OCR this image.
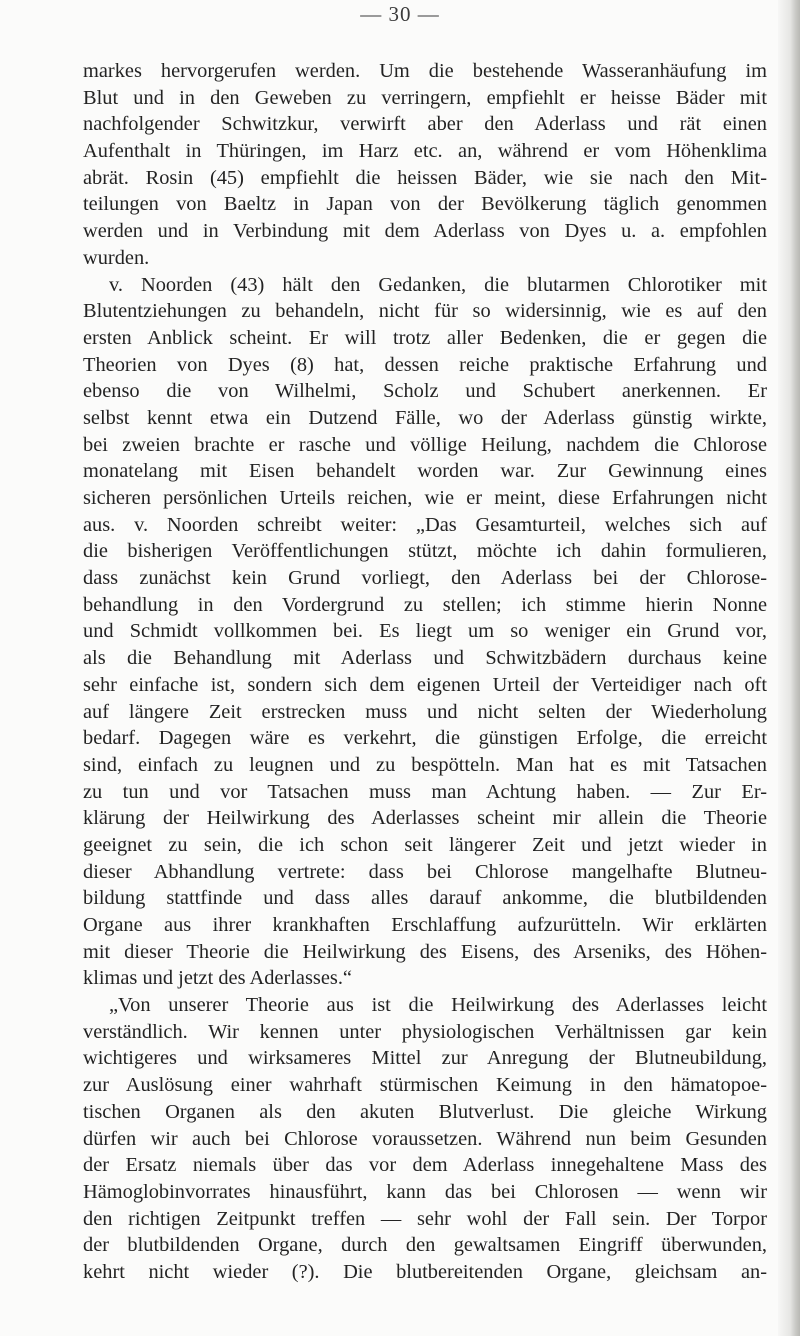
— 30 —
markes hervorgerufen werden. Um die bestehende Wasseranhäufung im
Blut und in den Geweben zu verringern, empfiehlt er heisse Bäder mit
nachfolgender Schwitzkur, verwirft aber den Aderlass und rät einen
Aufenthalt in Thüringen, im Harz etc. an, während er vom Höhenklima
abrät. Rosin (45) empfiehlt die heissen Bäder, wie sie nach den Mit-
teilungen von Baeltz in Japan von der Bevölkerung täglich genommen
werden und in Verbindung mit dem Aderlass von Dyes u. a. empfohlen
wurden.
v. Noorden (43) hält den Gedanken, die blutarmen Chlorotiker mit
Blutentziehungen zu behandeln, nicht für so widersinnig, wie es auf den
ersten Anblick scheint. Er will trotz aller Bedenken, die er gegen die
Theorien von Dyes (8) hat, dessen reiche praktische Erfahrung und
ebenso die von Wilhelmi, Scholz und Schubert anerkennen. Er
selbst kennt etwa ein Dutzend Fälle, wo der Aderlass günstig wirkte,
bei zweien brachte er rasche und völlige Heilung, nachdem die Chlorose
monatelang mit Eisen behandelt worden war. Zur Gewinnung eines
sicheren persönlichen Urteils reichen, wie er meint, diese Erfahrungen nicht
aus. v. Noorden schreibt weiter: „Das Gesamturteil, welches sich auf
die bisherigen Veröffentlichungen stützt, möchte ich dahin formulieren,
dass zunächst kein Grund vorliegt, den Aderlass bei der Chlorose-
behandlung in den Vordergrund zu stellen; ich stimme hierin Nonne
und Schmidt vollkommen bei. Es liegt um so weniger ein Grund vor,
als die Behandlung mit Aderlass und Schwitzbädern durchaus keine
sehr einfache ist, sondern sich dem eigenen Urteil der Verteidiger nach oft
auf längere Zeit erstrecken muss und nicht selten der Wiederholung
bedarf. Dagegen wäre es verkehrt, die günstigen Erfolge, die erreicht
sind, einfach zu leugnen und zu bespötteln. Man hat es mit Tatsachen
zu tun und vor Tatsachen muss man Achtung haben. — Zur Er-
klärung der Heilwirkung des Aderlasses scheint mir allein die Theorie
geeignet zu sein, die ich schon seit längerer Zeit und jetzt wieder in
dieser Abhandlung vertrete: dass bei Chlorose mangelhafte Blutneu-
bildung stattfinde und dass alles darauf ankomme, die blutbildenden
Organe aus ihrer krankhaften Erschlaffung aufzurütteln. Wir erklärten
mit dieser Theorie die Heilwirkung des Eisens, des Arseniks, des Höhen-
klimas und jetzt des Aderlasses.“
„Von unserer Theorie aus ist die Heilwirkung des Aderlasses leicht
verständlich. Wir kennen unter physiologischen Verhältnissen gar kein
wichtigeres und wirksameres Mittel zur Anregung der Blutneubildung,
zur Auslösung einer wahrhaft stürmischen Keimung in den hämatopoe-
tischen Organen als den akuten Blutverlust. Die gleiche Wirkung
dürfen wir auch bei Chlorose voraussetzen. Während nun beim Gesunden
der Ersatz niemals über das vor dem Aderlass innegehaltene Mass des
Hämoglobinvorrates hinausführt, kann das bei Chlorosen — wenn wir
den richtigen Zeitpunkt treffen — sehr wohl der Fall sein. Der Torpor
der blutbildenden Organe, durch den gewaltsamen Eingriff überwunden,
kehrt nicht wieder (?). Die blutbereitenden Organe, gleichsam an-
